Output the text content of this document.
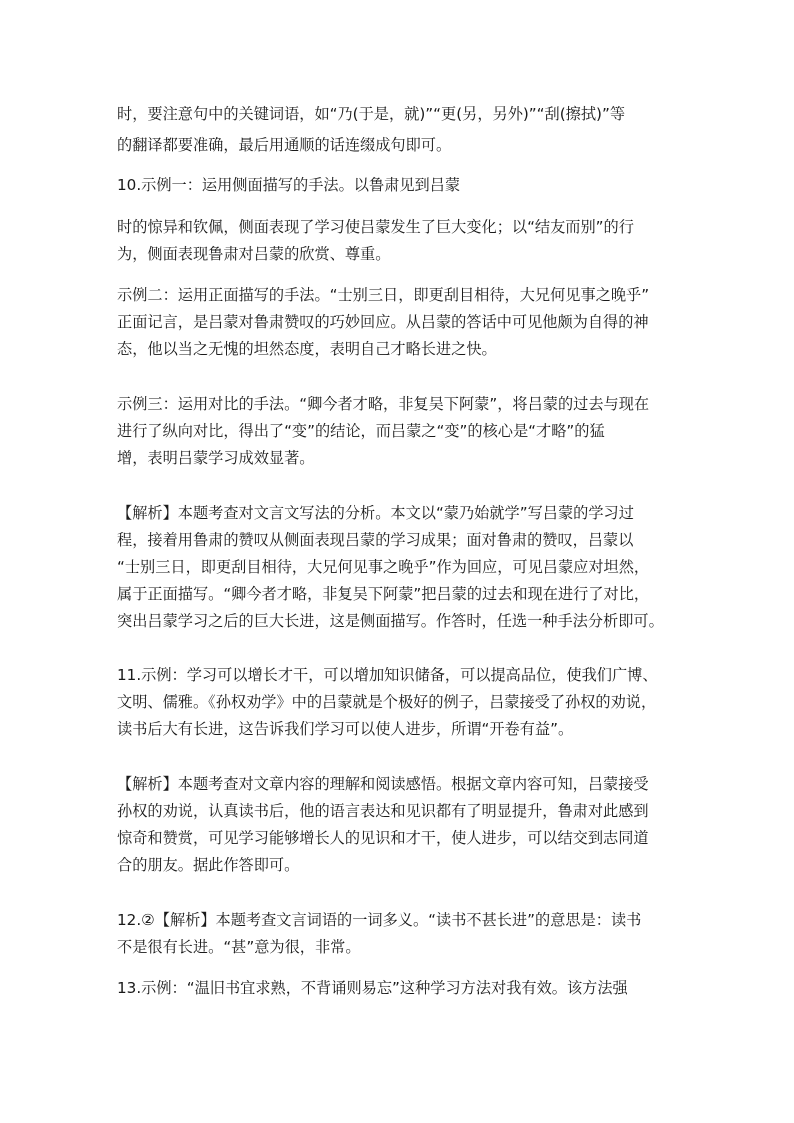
时，要注意句中的关键词语，如“乃(于是，就)”“更(另，另外)”“刮(擦拭)”等
的翻译都要准确，最后用通顺的话连缀成句即可。
10.示例一：运用侧面描写的手法。以鲁肃见到吕蒙
时的惊异和钦佩，侧面表现了学习使吕蒙发生了巨大变化；以“结友而别”的行
为，侧面表现鲁肃对吕蒙的欣赏、尊重。
示例二：运用正面描写的手法。“士别三日，即更刮目相待，大兄何见事之晚乎”
正面记言，是吕蒙对鲁肃赞叹的巧妙回应。从吕蒙的答话中可见他颇为自得的神
态，他以当之无愧的坦然态度，表明自己才略长进之快。
示例三：运用对比的手法。“卿今者才略，非复吴下阿蒙”，将吕蒙的过去与现在
进行了纵向对比，得出了“变”的结论，而吕蒙之“变”的核心是“才略”的猛
增，表明吕蒙学习成效显著。
【解析】本题考查对文言文写法的分析。本文以“蒙乃始就学”写吕蒙的学习过
程，接着用鲁肃的赞叹从侧面表现吕蒙的学习成果；面对鲁肃的赞叹，吕蒙以
“士别三日，即更刮目相待，大兄何见事之晚乎”作为回应，可见吕蒙应对坦然，
属于正面描写。“卿今者才略，非复吴下阿蒙”把吕蒙的过去和现在进行了对比，
突出吕蒙学习之后的巨大长进，这是侧面描写。作答时，任选一种手法分析即可。
11.示例：学习可以增长才干，可以增加知识储备，可以提高品位，使我们广博、
文明、儒雅。《孙权劝学》中的吕蒙就是个极好的例子，吕蒙接受了孙权的劝说，
读书后大有长进，这告诉我们学习可以使人进步，所谓“开卷有益”。
【解析】本题考查对文章内容的理解和阅读感悟。根据文章内容可知，吕蒙接受
孙权的劝说，认真读书后，他的语言表达和见识都有了明显提升，鲁肃对此感到
惊奇和赞赏，可见学习能够增长人的见识和才干，使人进步，可以结交到志同道
合的朋友。据此作答即可。
12.②【解析】本题考查文言词语的一词多义。“读书不甚长进”的意思是：读书
不是很有长进。“甚”意为很，非常。
13.示例：“温旧书宜求熟，不背诵则易忘”这种学习方法对我有效。该方法强
